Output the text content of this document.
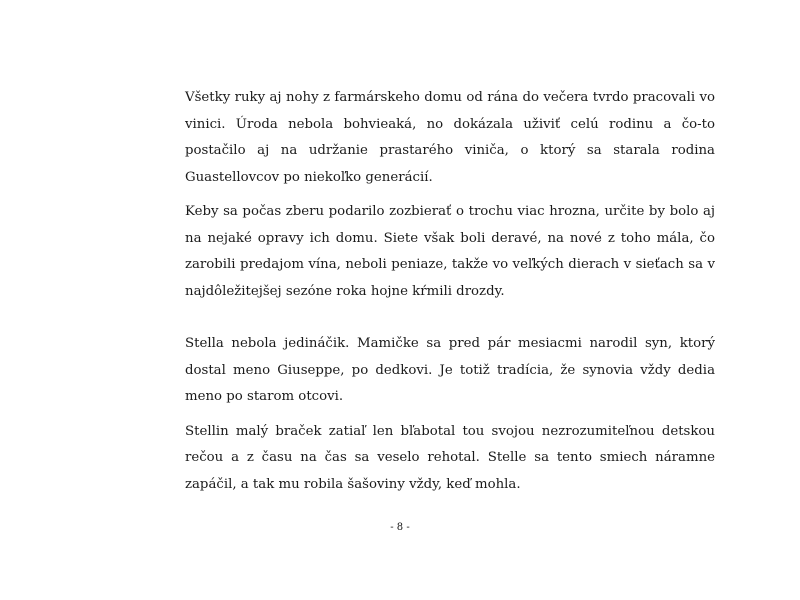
Všetky ruky aj nohy z farmárskeho domu od rána do večera tvrdo pracovali vo vinici. Úroda nebola bohvieaká, no dokázala uživiť celú rodinu a čo-to postačilo aj na udržanie prastarého viniča, o ktorý sa starala rodina Guastellovcov po niekoľko generácií.

Keby sa počas zberu podarilo zozbierať o trochu viac hrozna, určite by bolo aj na nejaké opravy ich domu. Siete však boli deravé, na nové z toho mála, čo zarobili predajom vína, neboli peniaze, takže vo veľkých dierach v sieťach sa v najdôležitejšej sezóne roka hojne kŕmili drozdy.

Stella nebola jedináčik. Mamičke sa pred pár mesiacmi narodil syn, ktorý dostal meno Giuseppe, po dedkovi. Je totiž tradícia, že synovia vždy dedia meno po starom otcovi.

Stellin malý braček zatiaľ len bľabotal tou svojou nezrozumiteľnou detskou rečou a z času na čas sa veselo rehotal. Stelle sa tento smiech náramne zapáčil, a tak mu robila šašoviny vždy, keď mohla.

- 8 -
